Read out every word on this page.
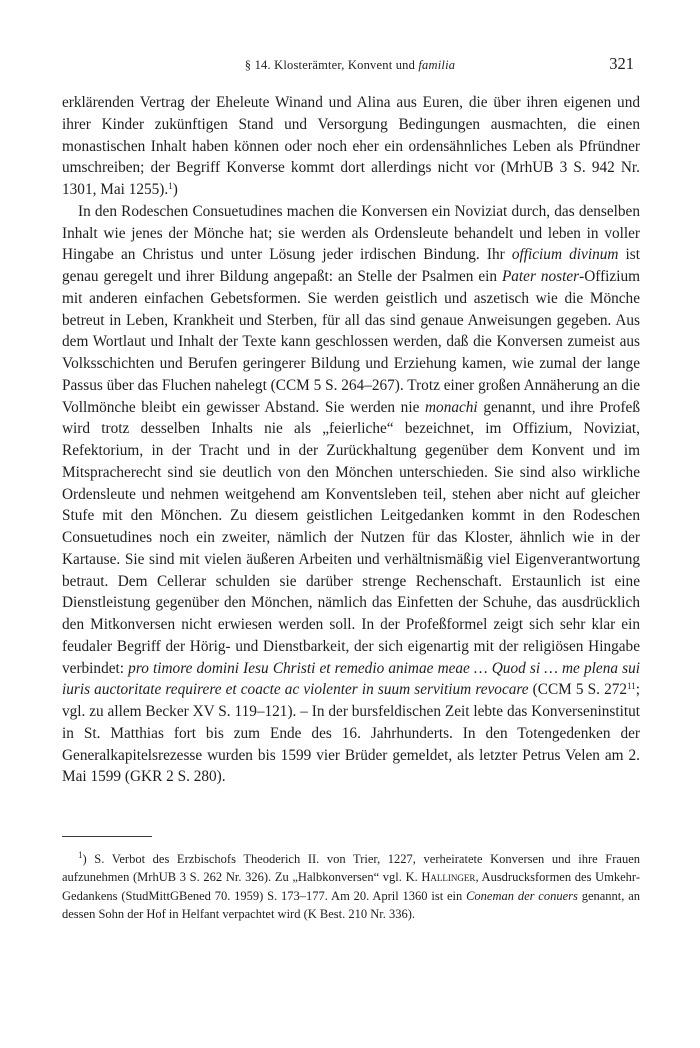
§ 14. Klosterämter, Konvent und familia	321

erklärenden Vertrag der Eheleute Winand und Alina aus Euren, die über ihren eigenen und ihrer Kinder zukünftigen Stand und Versorgung Bedingungen ausmachten, die einen monastischen Inhalt haben können oder noch eher ein ordensähnliches Leben als Pfründner umschreiben; der Begriff Konverse kommt dort allerdings nicht vor (MrhUB 3 S. 942 Nr. 1301, Mai 1255).$^1$)

In den Rodeschen Consuetudines machen die Konversen ein Noviziat durch, das denselben Inhalt wie jenes der Mönche hat; sie werden als Ordensleute behandelt und leben in voller Hingabe an Christus und unter Lösung jeder irdischen Bindung. Ihr officium divinum ist genau geregelt und ihrer Bildung angepaßt: an Stelle der Psalmen ein Pater noster-Offizium mit anderen einfachen Gebetsformen. Sie werden geistlich und aszetisch wie die Mönche betreut in Leben, Krankheit und Sterben, für all das sind genaue Anweisungen gegeben. Aus dem Wortlaut und Inhalt der Texte kann geschlossen werden, daß die Konversen zumeist aus Volksschichten und Berufen geringerer Bildung und Erziehung kamen, wie zumal der lange Passus über das Fluchen nahelegt (CCM 5 S. 264–267). Trotz einer großen Annäherung an die Vollmönche bleibt ein gewisser Abstand. Sie werden nie monachi genannt, und ihre Profeß wird trotz desselben Inhalts nie als „feierliche“ bezeichnet, im Offizium, Noviziat, Refektorium, in der Tracht und in der Zurückhaltung gegenüber dem Konvent und im Mitspracherecht sind sie deutlich von den Mönchen unterschieden. Sie sind also wirkliche Ordensleute und nehmen weitgehend am Konventsleben teil, stehen aber nicht auf gleicher Stufe mit den Mönchen. Zu diesem geistlichen Leitgedanken kommt in den Rodeschen Consuetudines noch ein zweiter, nämlich der Nutzen für das Kloster, ähnlich wie in der Kartause. Sie sind mit vielen äußeren Arbeiten und verhältnismäßig viel Eigenverantwortung betraut. Dem Cellerar schulden sie darüber strenge Rechenschaft. Erstaunlich ist eine Dienstleistung gegenüber den Mönchen, nämlich das Einfetten der Schuhe, das ausdrücklich den Mitkonversen nicht erwiesen werden soll. In der Profeßformel zeigt sich sehr klar ein feudaler Begriff der Hörig- und Dienstbarkeit, der sich eigenartig mit der religiösen Hingabe verbindet: pro timore domini Iesu Christi et remedio animae meae … Quod si … me plena sui iuris auctoritate requirere et coacte ac violenter in suum servitium revocare (CCM 5 S. $272^{11}$; vgl. zu allem Becker XV S. 119–121). – In der bursfeldischen Zeit lebte das Konverseninstitut in St. Matthias fort bis zum Ende des 16. Jahrhunderts. In den Totengedenken der Generalkapitelsrezesse wurden bis 1599 vier Brüder gemeldet, als letzter Petrus Velen am 2. Mai 1599 (GKR 2 S. 280).

$^1$) S. Verbot des Erzbischofs Theoderich II. von Trier, 1227, verheiratete Konversen und ihre Frauen aufzunehmen (MrhUB 3 S. 262 Nr. 326). Zu „Halbkonversen“ vgl. K. Hallinger, Ausdrucksformen des Umkehr-Gedankens (StudMittGBened 70. 1959) S. 173–177. Am 20. April 1360 ist ein Coneman der conuers genannt, an dessen Sohn der Hof in Helfant verpachtet wird (K Best. 210 Nr. 336).
